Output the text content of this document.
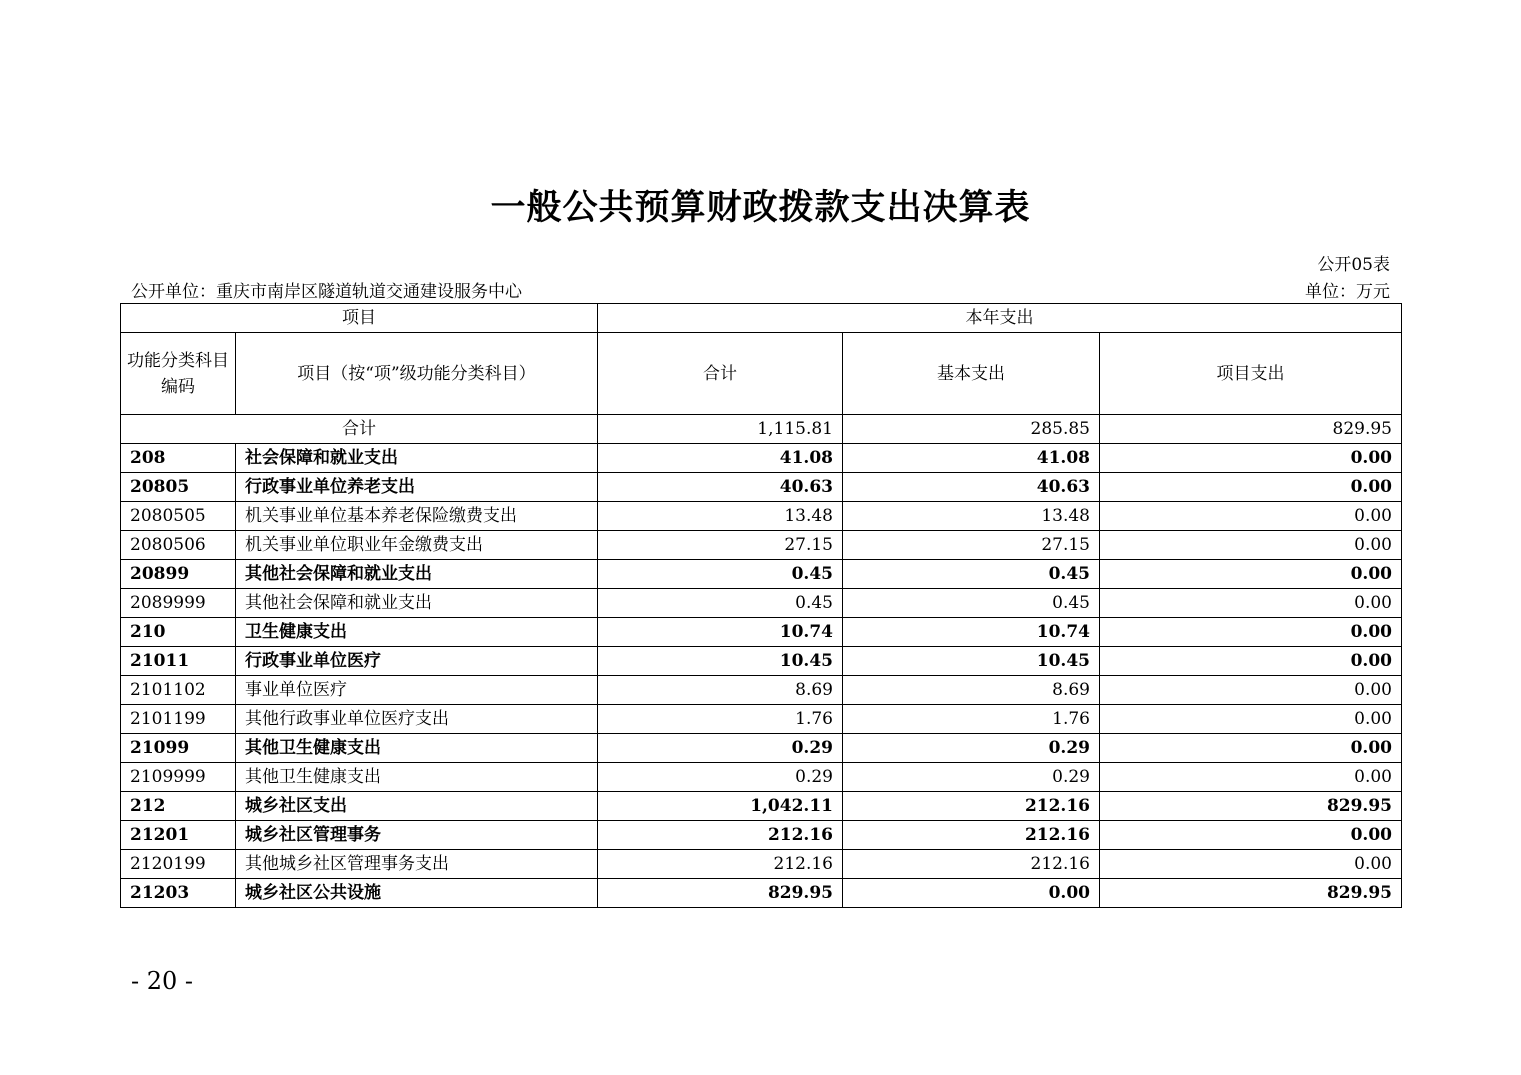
一般公共预算财政拨款支出决算表
公开05表
公开单位：重庆市南岸区隧道轨道交通建设服务中心	单位：万元
项目		本年支出		
功能分类科目编码	项目（按“项”级功能分类科目）	合计	基本支出	项目支出
合计		1,115.81	285.85	829.95
208	社会保障和就业支出	41.08	41.08	0.00
20805	行政事业单位养老支出	40.63	40.63	0.00
2080505	机关事业单位基本养老保险缴费支出	13.48	13.48	0.00
2080506	机关事业单位职业年金缴费支出	27.15	27.15	0.00
20899	其他社会保障和就业支出	0.45	0.45	0.00
2089999	其他社会保障和就业支出	0.45	0.45	0.00
210	卫生健康支出	10.74	10.74	0.00
21011	行政事业单位医疗	10.45	10.45	0.00
2101102	事业单位医疗	8.69	8.69	0.00
2101199	其他行政事业单位医疗支出	1.76	1.76	0.00
21099	其他卫生健康支出	0.29	0.29	0.00
2109999	其他卫生健康支出	0.29	0.29	0.00
212	城乡社区支出	1,042.11	212.16	829.95
21201	城乡社区管理事务	212.16	212.16	0.00
2120199	其他城乡社区管理事务支出	212.16	212.16	0.00
21203	城乡社区公共设施	829.95	0.00	829.95
- 20 -
